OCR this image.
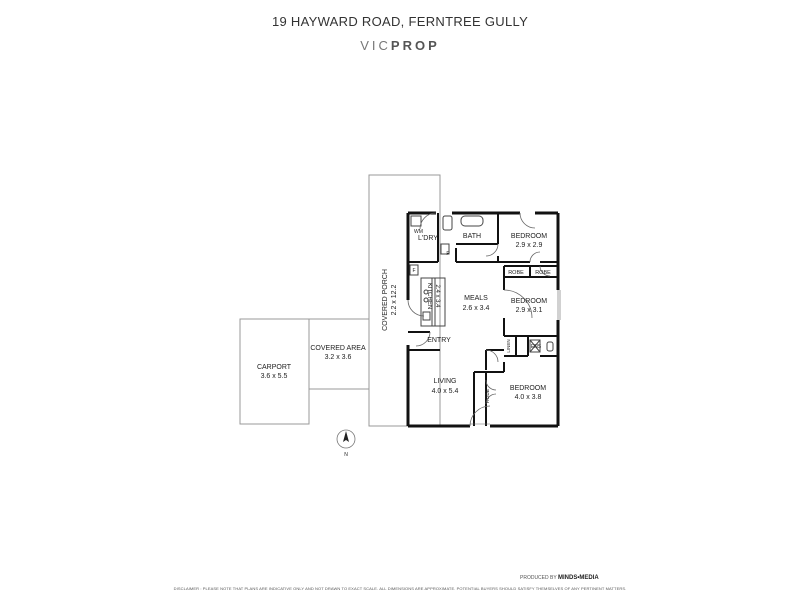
19 HAYWARD ROAD, FERNTREE GULLY
VICPROP
CARPORT
3.6 x 5.5
COVERED AREA
3.2 x 3.6
COVERED PORCH 2.2 x 12.2
WM
L'DRY	BATH	BEDROOM
2.9 x 2.9
ROBE ROBE
BEDROOM
2.9 x 3.1
KITCHEN 2.4 x 3.4	MEALS
2.6 x 3.4
ENTRY	LINEN	ENS
LIVING
4.0 x 5.4	ROBE
BEDROOM
4.0 x 3.8
P
F
N
PRODUCED BY MINDS•MEDIA
DISCLAIMER : PLEASE NOTE THAT PLANS ARE INDICATIVE ONLY AND NOT DRAWN TO EXACT SCALE. ALL DIMENSIONS ARE APPROXIMATE. POTENTIAL BUYERS SHOULD SATISFY THEMSELVES OF ANY PERTINENT MATTERS.
